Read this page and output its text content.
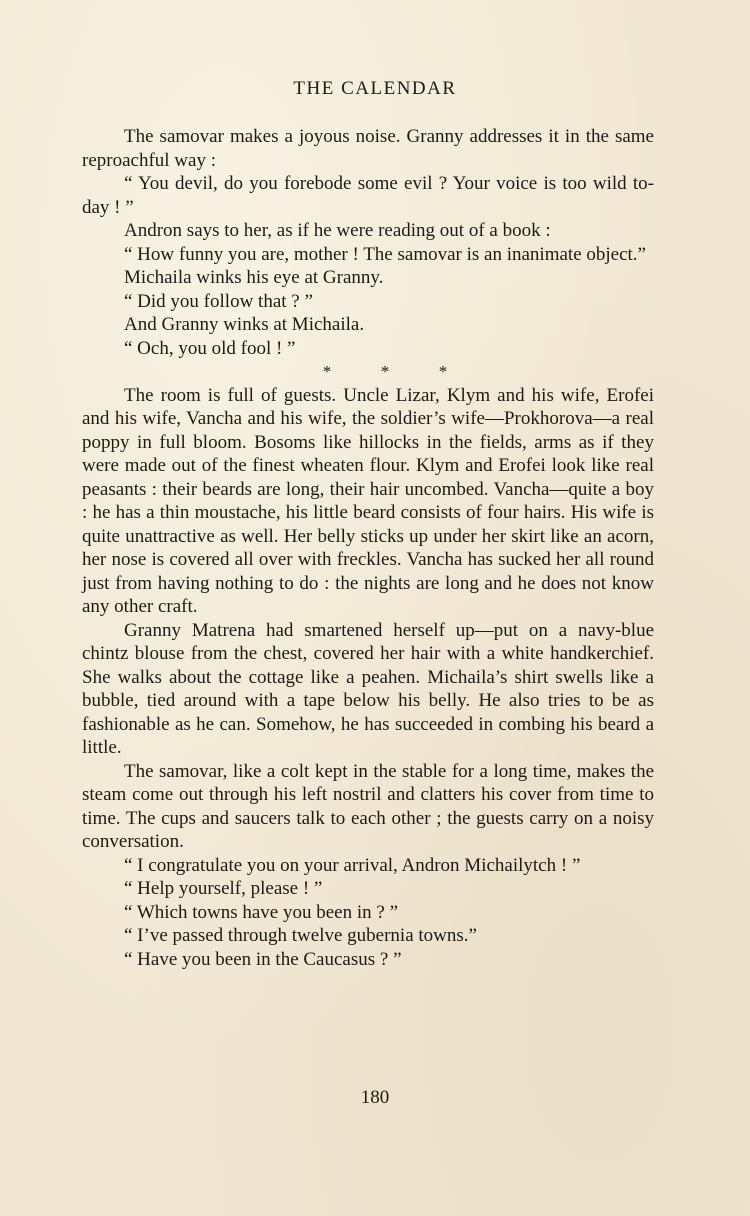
THE CALENDAR

The samovar makes a joyous noise. Granny addresses it in the same reproachful way :

“ You devil, do you forebode some evil ? Your voice is too wild to-day ! ”

Andron says to her, as if he were reading out of a book :

“ How funny you are, mother ! The samovar is an inanimate object.”

Michaila winks his eye at Granny.

“ Did you follow that ? ”

And Granny winks at Michaila.

“ Och, you old fool ! ”

*	*	*

The room is full of guests. Uncle Lizar, Klym and his wife, Erofei and his wife, Vancha and his wife, the soldier’s wife—Prokhorova—a real poppy in full bloom. Bosoms like hillocks in the fields, arms as if they were made out of the finest wheaten flour. Klym and Erofei look like real peasants : their beards are long, their hair uncombed. Vancha—quite a boy : he has a thin moustache, his little beard consists of four hairs. His wife is quite unattractive as well. Her belly sticks up under her skirt like an acorn, her nose is covered all over with freckles. Vancha has sucked her all round just from having nothing to do : the nights are long and he does not know any other craft.

Granny Matrena had smartened herself up—put on a navy-blue chintz blouse from the chest, covered her hair with a white handkerchief. She walks about the cottage like a peahen. Michaila’s shirt swells like a bubble, tied around with a tape below his belly. He also tries to be as fashionable as he can. Somehow, he has succeeded in combing his beard a little.

The samovar, like a colt kept in the stable for a long time, makes the steam come out through his left nostril and clatters his cover from time to time. The cups and saucers talk to each other ; the guests carry on a noisy conversation.

“ I congratulate you on your arrival, Andron Michailytch ! ”

“ Help yourself, please ! ”

“ Which towns have you been in ? ”

“ I’ve passed through twelve gubernia towns.”

“ Have you been in the Caucasus ? ”

180
